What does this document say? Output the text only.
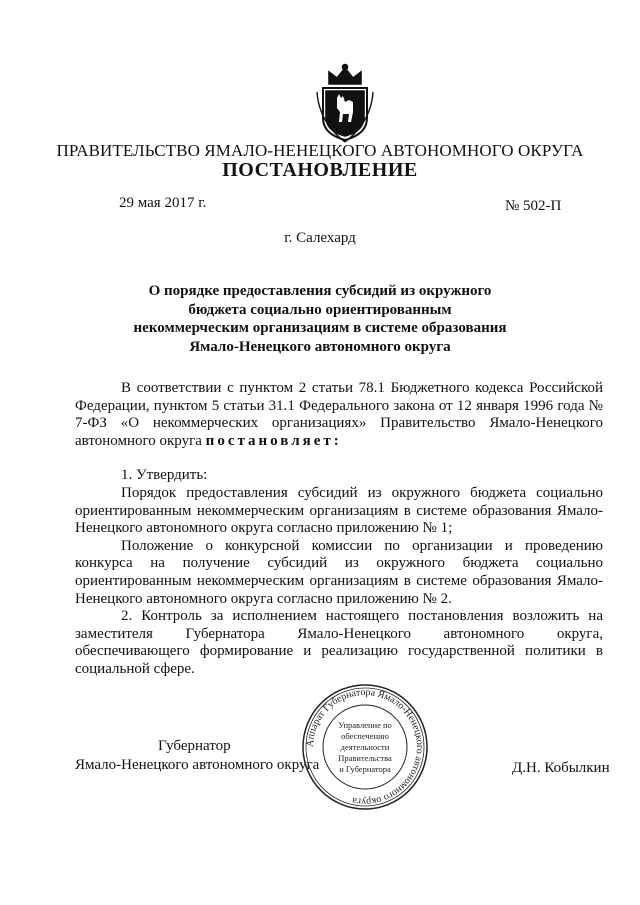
ПРАВИТЕЛЬСТВО ЯМАЛО-НЕНЕЦКОГО АВТОНОМНОГО ОКРУГА
ПОСТАНОВЛЕНИЕ
29 мая 2017 г.	№ 502-П
г. Салехард
О порядке предоставления субсидий из окружного бюджета социально ориентированным некоммерческим организациям в системе образования Ямало-Ненецкого автономного округа

В соответствии с пунктом 2 статьи 78.1 Бюджетного кодекса Российской Федерации, пунктом 5 статьи 31.1 Федерального закона от 12 января 1996 года № 7-ФЗ «О некоммерческих организациях» Правительство Ямало-Ненецкого автономного округа постановляет:

1. Утвердить:

Порядок предоставления субсидий из окружного бюджета социально ориентированным некоммерческим организациям в системе образования Ямало-Ненецкого автономного округа согласно приложению № 1;

Положение о конкурсной комиссии по организации и проведению конкурса на получение субсидий из окружного бюджета социально ориентированным некоммерческим организациям в системе образования Ямало-Ненецкого автономного округа согласно приложению № 2.

2. Контроль за исполнением настоящего постановления возложить на заместителя Губернатора Ямало-Ненецкого автономного округа, обеспечивающего формирование и реализацию государственной политики в социальной сфере.

Губернатор
Ямало-Ненецкого автономного округа	Д.Н. Кобылкин
Аппарат Губернатора Ямало-Ненецкого автономного округа
Управление по
обеспечению
деятельности
Правительства
и Губернатора
